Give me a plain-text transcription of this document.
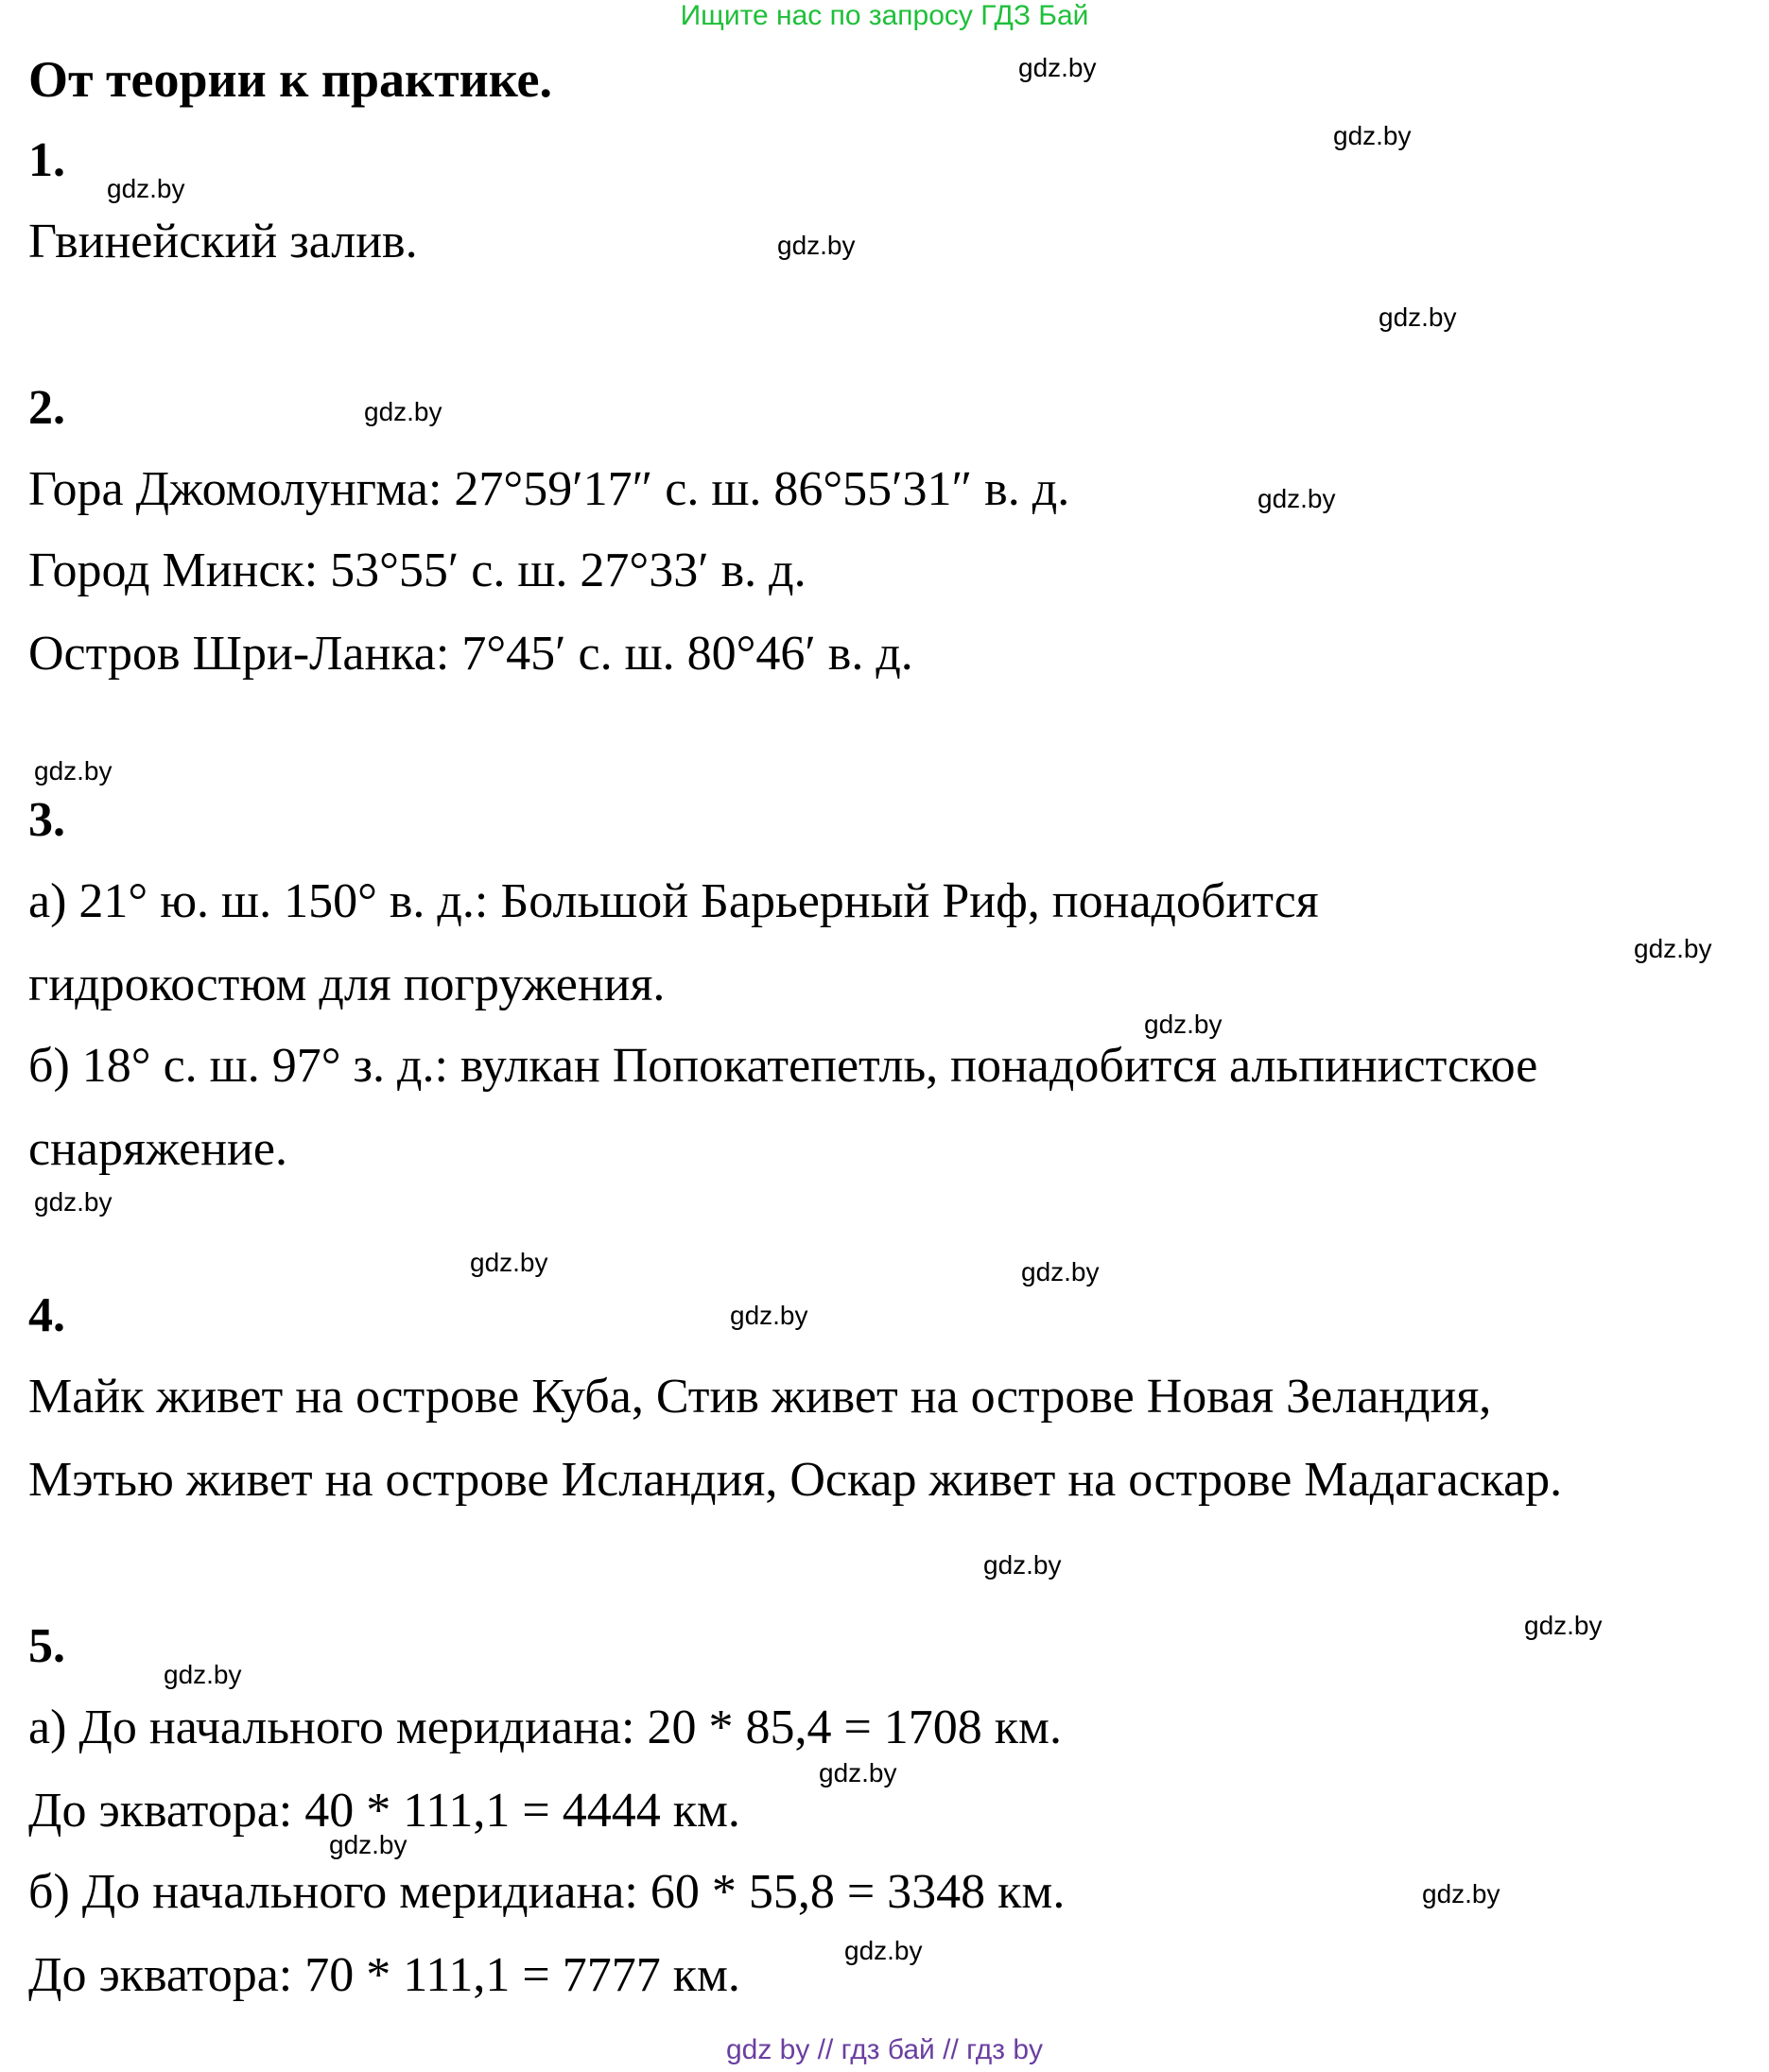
Ищите нас по запросу ГДЗ Бай
От теории к практике.
1.
Гвинейский залив.
2.
Гора Джомолунгма: 27°59′17″ с. ш. 86°55′31″ в. д.
Город Минск: 53°55′ с. ш. 27°33′ в. д.
Остров Шри-Ланка: 7°45′ с. ш. 80°46′ в. д.
3.
а) 21° ю. ш. 150° в. д.: Большой Барьерный Риф, понадобится
гидрокостюм для погружения.
б) 18° с. ш. 97° з. д.: вулкан Попокатепетль, понадобится альпинистское
снаряжение.
4.
Майк живет на острове Куба, Стив живет на острове Новая Зеландия,
Мэтью живет на острове Исландия, Оскар живет на острове Мадагаскар.
5.
а) До начального меридиана: 20 * 85,4 = 1708 км.
До экватора: 40 * 111,1 = 4444 км.
б) До начального меридиана: 60 * 55,8 = 3348 км.
До экватора: 70 * 111,1 = 7777 км.
gdz.by
gdz.by
gdz.by
gdz.by
gdz.by
gdz.by
gdz.by
gdz.by
gdz.by
gdz.by
gdz.by
gdz.by
gdz.by
gdz.by
gdz.by
gdz.by
gdz.by
gdz.by
gdz.by
gdz.by
gdz.by
gdz by // гдз бай // гдз by
